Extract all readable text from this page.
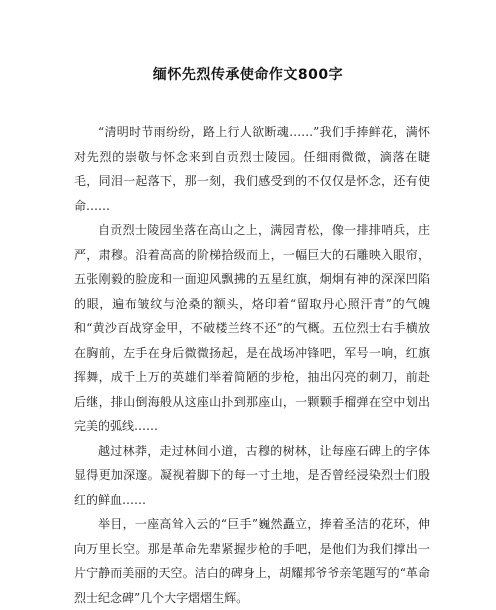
缅怀先烈传承使命作文800字

“清明时节雨纷纷，路上行人欲断魂……”我们手捧鲜花，满怀对先烈的崇敬与怀念来到自贡烈士陵园。任细雨微微，滴落在睫毛，同泪一起落下，那一刻，我们感受到的不仅仅是怀念，还有使命……

自贡烈士陵园坐落在高山之上，满园青松，像一排排哨兵，庄严，肃穆。沿着高高的阶梯拾级而上，一幅巨大的石雕映入眼帘，五张刚毅的脸庞和一面迎风飘拂的五星红旗，炯炯有神的深深凹陷的眼，遍布皱纹与沧桑的额头，烙印着“留取丹心照汗青”的气魄和“黄沙百战穿金甲，不破楼兰终不还”的气概。五位烈士右手横放在胸前，左手在身后微微扬起，是在战场冲锋吧，军号一响，红旗挥舞，成千上万的英雄们举着简陋的步枪，抽出闪亮的刺刀，前赴后继，排山倒海般从这座山扑到那座山，一颗颗手榴弹在空中划出完美的弧线……

越过林莽，走过林间小道，古穆的树林，让每座石碑上的字体显得更加深邃。凝视着脚下的每一寸土地，是否曾经浸染烈士们殷红的鲜血……

举目，一座高耸入云的“巨手”巍然矗立，捧着圣洁的花环，伸向万里长空。那是革命先辈紧握步枪的手吧，是他们为我们撑出一片宁静而美丽的天空。洁白的碑身上，胡耀邦爷爷亲笔题写的“革命烈士纪念碑”几个大字熠熠生辉。
